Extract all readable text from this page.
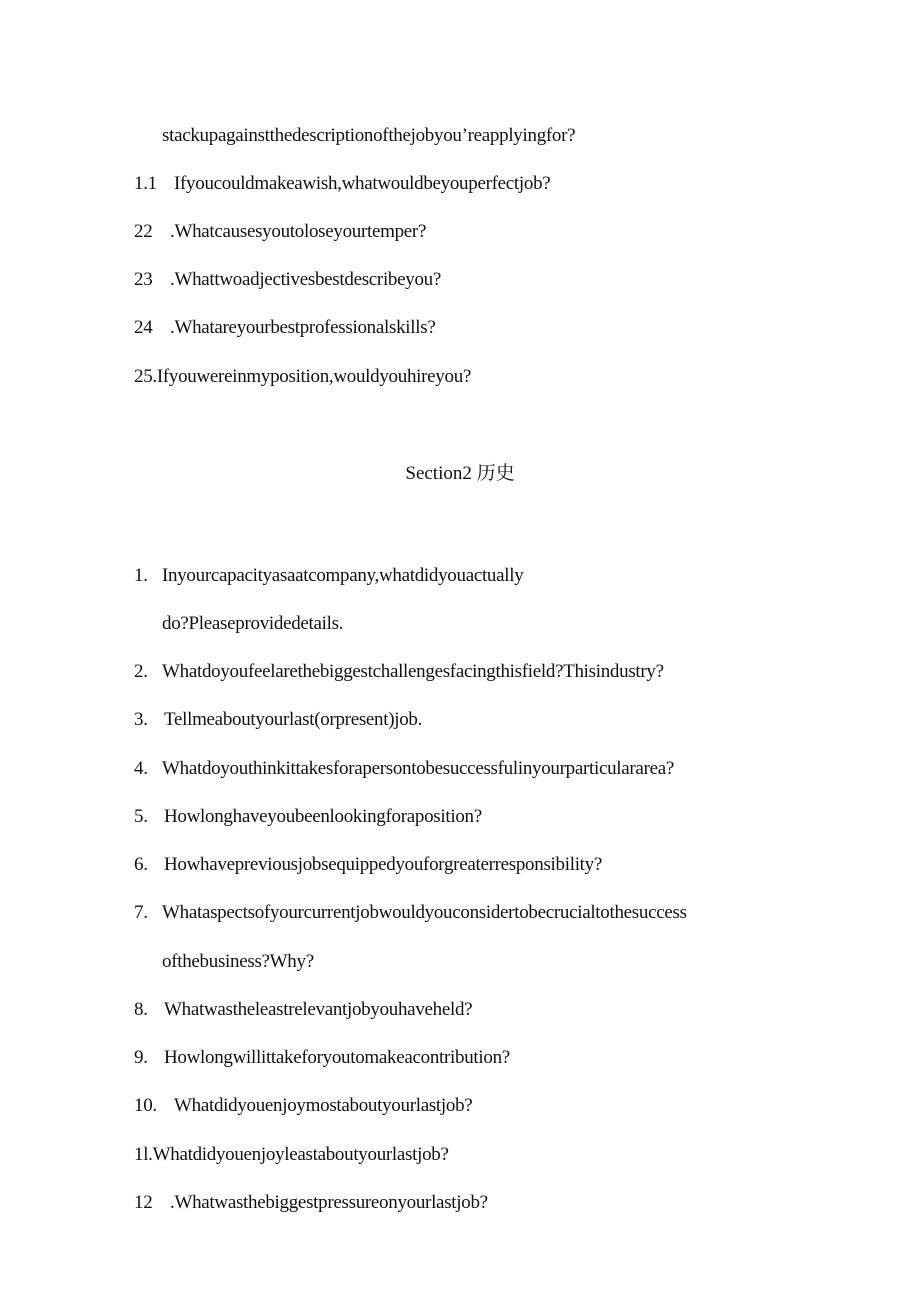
stackupagainstthedescriptionofthejobyou’reapplyingfor?
1.1 Ifyoucouldmakeawish,whatwouldbeyouperfectjob?
22 .Whatcausesyoutoloseyourtemper?
23 .Whattwoadjectivesbestdescribeyou?
24 .Whatareyourbestprofessionalskills?
25.Ifyouwereinmyposition,wouldyouhireyou?
Section2 历史
1. Inyourcapacityasaatcompany,whatdidyouactually
do?Pleaseprovidedetails.
2. Whatdoyoufeelarethebiggestchallengesfacingthisfield?Thisindustry?
3. Tellmeaboutyourlast(orpresent)job.
4. Whatdoyouthinkittakesforapersontobesuccessfulinyourparticulararea?
5. Howlonghaveyoubeenlookingforaposition?
6. Howhavepreviousjobsequippedyouforgreaterresponsibility?
7. Whataspectsofyourcurrentjobwouldyouconsidertobecrucialtothesuccess
ofthebusiness?Why?
8. Whatwastheleastrelevantjobyouhaveheld?
9. Howlongwillittakeforyoutomakeacontribution?
10. Whatdidyouenjoymostaboutyourlastjob?
1l.Whatdidyouenjoyleastaboutyourlastjob?
12 .Whatwasthebiggestpressureonyourlastjob?
